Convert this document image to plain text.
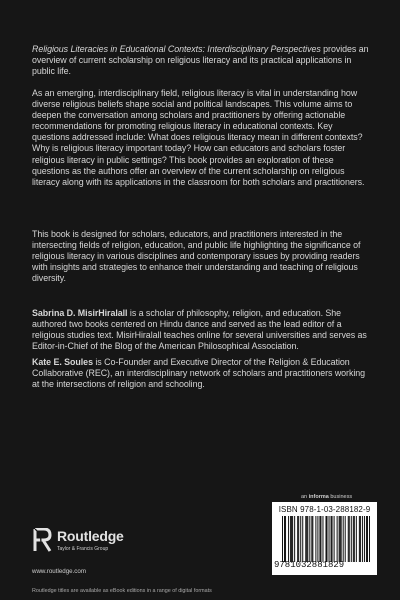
Religious Literacies in Educational Contexts: Interdisciplinary Perspectives provides an overview of current scholarship on religious literacy and its practical applications in public life.

As an emerging, interdisciplinary field, religious literacy is vital in understanding how diverse religious beliefs shape social and political landscapes. This volume aims to deepen the conversation among scholars and practitioners by offering actionable recommendations for promoting religious literacy in educational contexts. Key questions addressed include: What does religious literacy mean in different contexts? Why is religious literacy important today? How can educators and scholars foster religious literacy in public settings? This book provides an exploration of these questions as the authors offer an overview of the current scholarship on religious literacy along with its applications in the classroom for both scholars and practitioners.

This book is designed for scholars, educators, and practitioners interested in the intersecting fields of religion, education, and public life highlighting the significance of religious literacy in various disciplines and contemporary issues by providing readers with insights and strategies to enhance their understanding and teaching of religious diversity.

Sabrina D. MisirHiralall is a scholar of philosophy, religion, and education. She authored two books centered on Hindu dance and served as the lead editor of a religious studies text. MisirHiralall teaches online for several universities and serves as Editor-in-Chief of the Blog of the American Philosophical Association.

Kate E. Soules is Co-Founder and Executive Director of the Religion & Education Collaborative (REC), an interdisciplinary network of scholars and practitioners working at the intersections of religion and schooling.

an informa business
Routledge
Taylor & Francis Group
www.routledge.com
ISBN 978-1-03-288182-9
9781032881829
Routledge titles are available as eBook editions in a range of digital formats
